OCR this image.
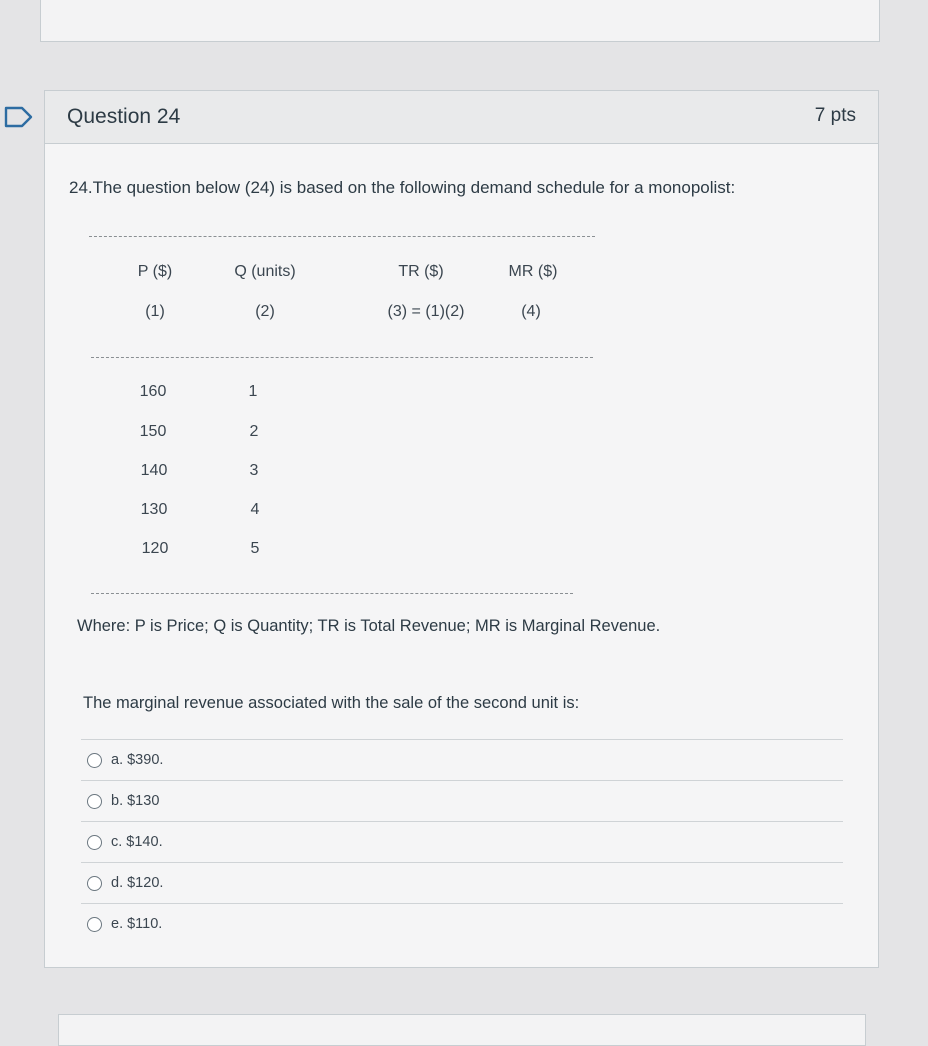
Question 24	7 pts
24.The question below (24) is based on the following demand schedule for a monopolist:
P ($)	Q (units)	TR ($)	MR ($)
(1)	(2)	(3) = (1)(2)	(4)
160	1
150	2
140	3
130	4
120	5
Where: P is Price; Q is Quantity; TR is Total Revenue; MR is Marginal Revenue.
The marginal revenue associated with the sale of the second unit is:
a. $390.
b. $130
c. $140.
d. $120.
e. $110.
